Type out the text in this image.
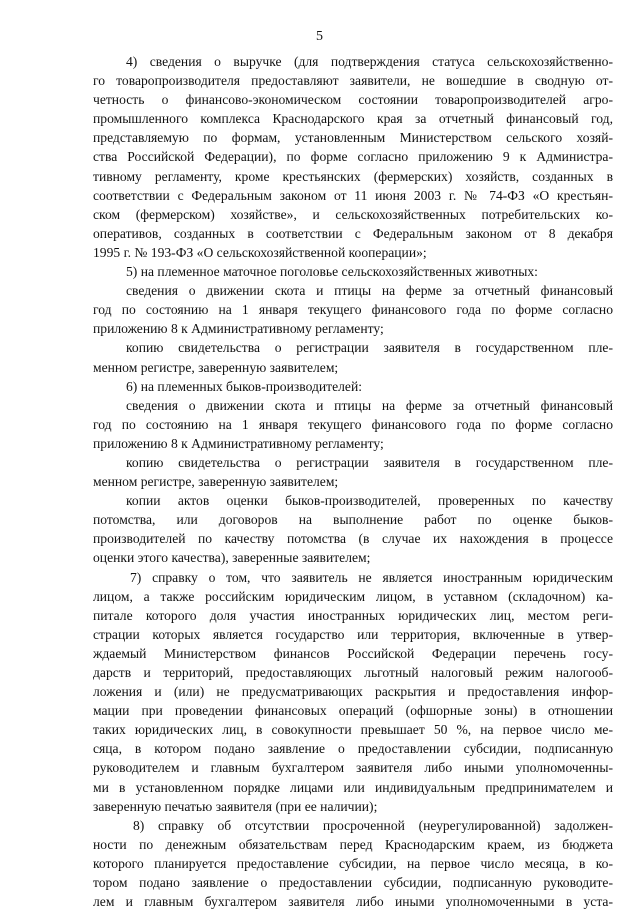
5
4) сведения о выручке (для подтверждения статуса сельскохозяйственно-
го товаропроизводителя предоставляют заявители, не вошедшие в сводную от-
четность о финансово-экономическом состоянии товаропроизводителей агро-
промышленного комплекса Краснодарского края за отчетный финансовый год,
представляемую по формам, установленным Министерством сельского хозяй-
ства Российской Федерации), по форме согласно приложению 9 к Администра-
тивному регламенту, кроме крестьянских (фермерских) хозяйств, созданных в
соответствии с Федеральным законом от 11 июня 2003 г. № 74-ФЗ «О крестьян-
ском (фермерском) хозяйстве», и сельскохозяйственных потребительских ко-
оперативов, созданных в соответствии с Федеральным законом от 8 декабря
1995 г. № 193-ФЗ «О сельскохозяйственной кооперации»;
5) на племенное маточное поголовье сельскохозяйственных животных:
сведения о движении скота и птицы на ферме за отчетный финансовый
год по состоянию на 1 января текущего финансового года по форме согласно
приложению 8 к Административному регламенту;
копию свидетельства о регистрации заявителя в государственном пле-
менном регистре, заверенную заявителем;
6) на племенных быков-производителей:
сведения о движении скота и птицы на ферме за отчетный финансовый
год по состоянию на 1 января текущего финансового года по форме согласно
приложению 8 к Административному регламенту;
копию свидетельства о регистрации заявителя в государственном пле-
менном регистре, заверенную заявителем;
копии актов оценки быков-производителей, проверенных по качеству
потомства, или договоров на выполнение работ по оценке быков-
производителей по качеству потомства (в случае их нахождения в процессе
оценки этого качества), заверенные заявителем;
7) справку о том, что заявитель не является иностранным юридическим
лицом, а также российским юридическим лицом, в уставном (складочном) ка-
питале которого доля участия иностранных юридических лиц, местом реги-
страции которых является государство или территория, включенные в утвер-
ждаемый Министерством финансов Российской Федерации перечень госу-
дарств и территорий, предоставляющих льготный налоговый режим налогооб-
ложения и (или) не предусматривающих раскрытия и предоставления инфор-
мации при проведении финансовых операций (офшорные зоны) в отношении
таких юридических лиц, в совокупности превышает 50 %, на первое число ме-
сяца, в котором подано заявление о предоставлении субсидии, подписанную
руководителем и главным бухгалтером заявителя либо иными уполномоченны-
ми в установленном порядке лицами или индивидуальным предпринимателем и
заверенную печатью заявителя (при ее наличии);
8) справку об отсутствии просроченной (неурегулированной) задолжен-
ности по денежным обязательствам перед Краснодарским краем, из бюджета
которого планируется предоставление субсидии, на первое число месяца, в ко-
тором подано заявление о предоставлении субсидии, подписанную руководите-
лем и главным бухгалтером заявителя либо иными уполномоченными в уста-
